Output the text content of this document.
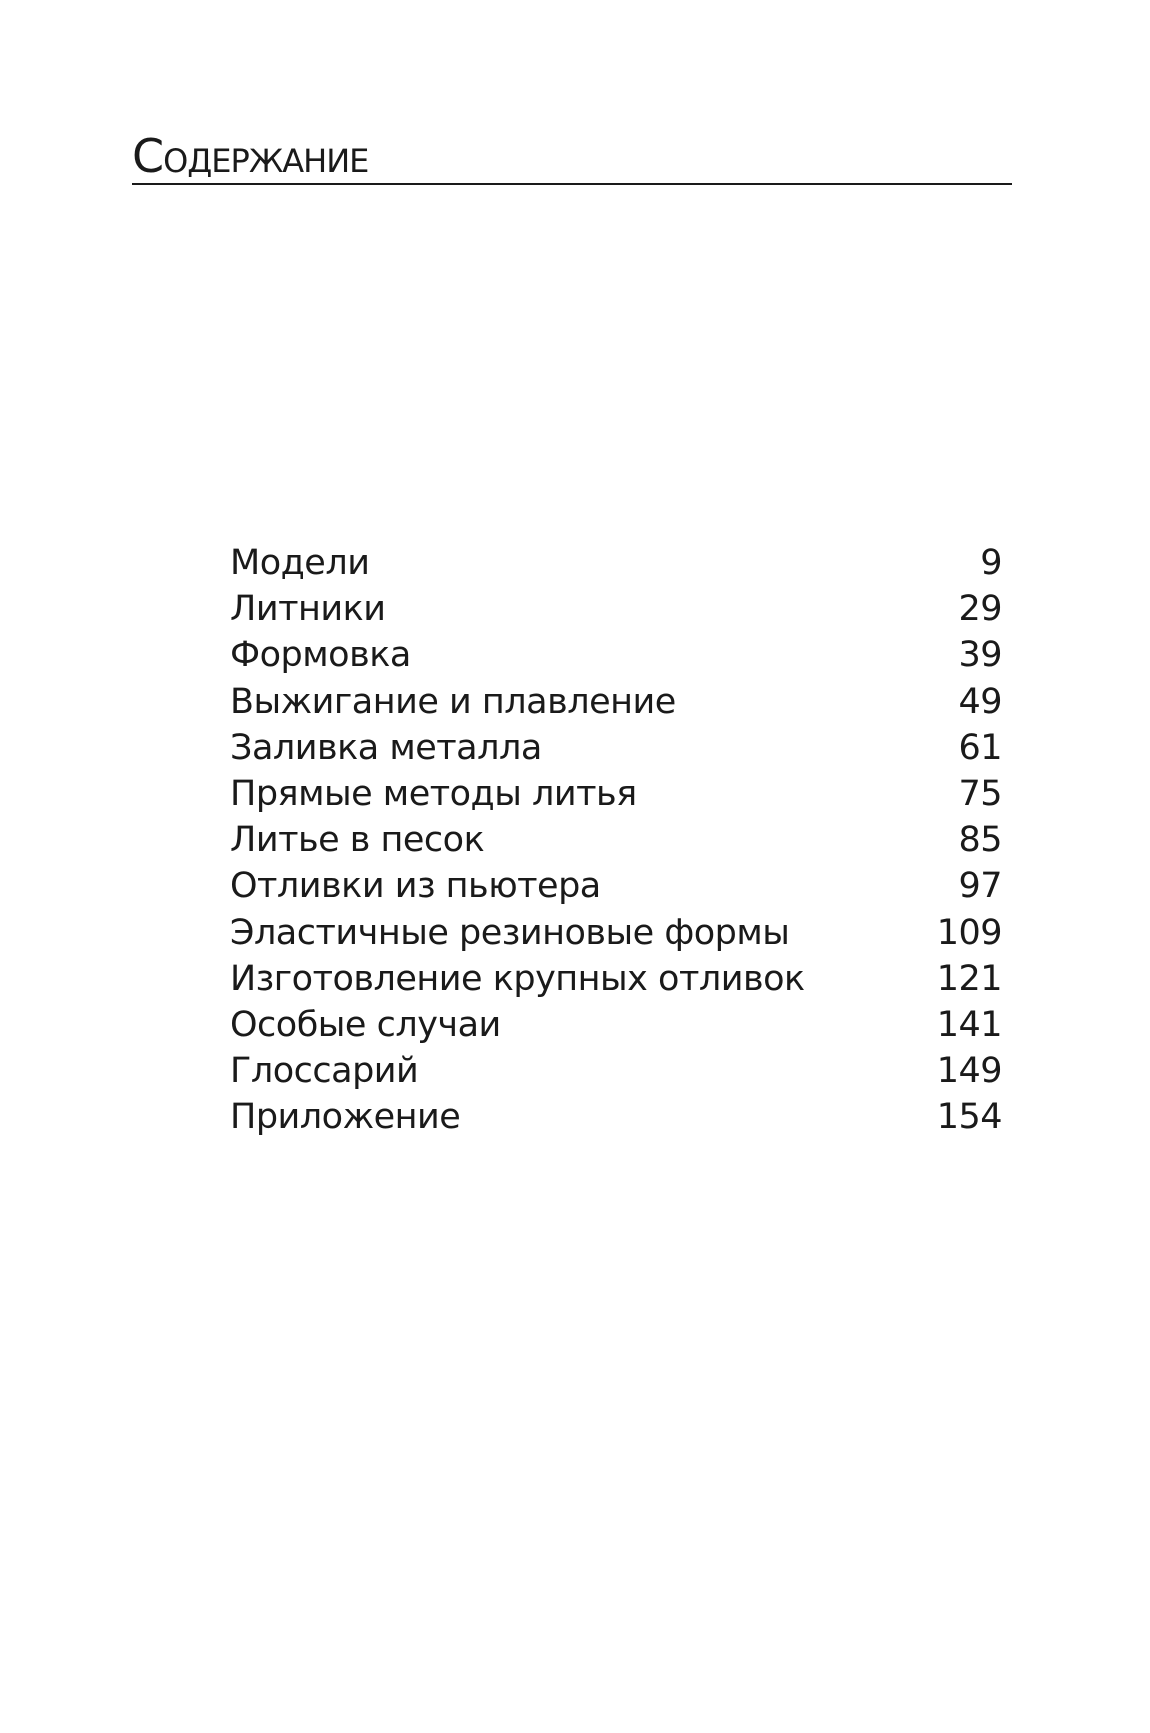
Содержание
Модели	9
Литники	29
Формовка	39
Выжигание и плавление	49
Заливка металла	61
Прямые методы литья	75
Литье в песок	85
Отливки из пьютера	97
Эластичные резиновые формы	109
Изготовление крупных отливок	121
Особые случаи	141
Глоссарий	149
Приложение	154
